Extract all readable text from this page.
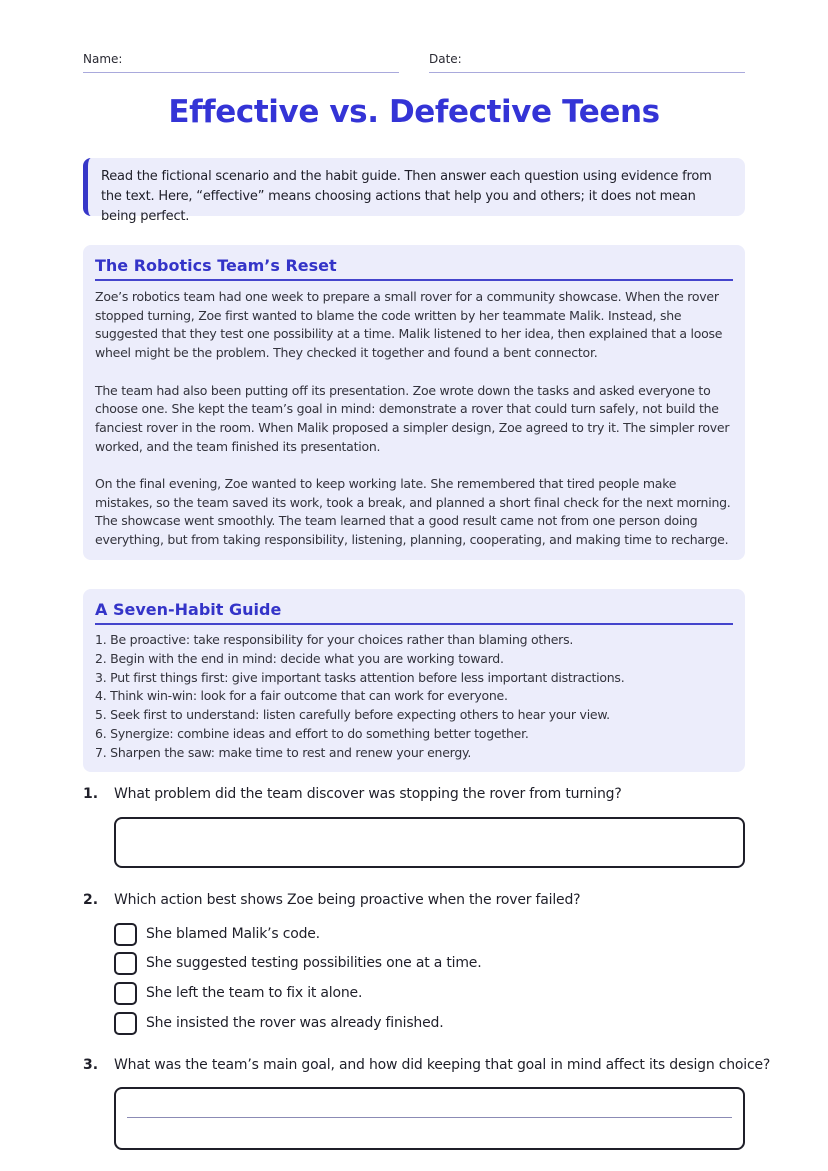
Name:	Date:
Effective vs. Defective Teens
Read the fictional scenario and the habit guide. Then answer each question using evidence from the text. Here, “effective” means choosing actions that help you and others; it does not mean being perfect.
The Robotics Team’s Reset

Zoe’s robotics team had one week to prepare a small rover for a community showcase. When the rover stopped turning, Zoe first wanted to blame the code written by her teammate Malik. Instead, she suggested that they test one possibility at a time. Malik listened to her idea, then explained that a loose wheel might be the problem. They checked it together and found a bent connector.

The team had also been putting off its presentation. Zoe wrote down the tasks and asked everyone to choose one. She kept the team’s goal in mind: demonstrate a rover that could turn safely, not build the fanciest rover in the room. When Malik proposed a simpler design, Zoe agreed to try it. The simpler rover worked, and the team finished its presentation.

On the final evening, Zoe wanted to keep working late. She remembered that tired people make mistakes, so the team saved its work, took a break, and planned a short final check for the next morning. The showcase went smoothly. The team learned that a good result came not from one person doing everything, but from taking responsibility, listening, planning, cooperating, and making time to recharge.

A Seven-Habit Guide
1. Be proactive: take responsibility for your choices rather than blaming others.
2. Begin with the end in mind: decide what you are working toward.
3. Put first things first: give important tasks attention before less important distractions.
4. Think win-win: look for a fair outcome that can work for everyone.
5. Seek first to understand: listen carefully before expecting others to hear your view.
6. Synergize: combine ideas and effort to do something better together.
7. Sharpen the saw: make time to rest and renew your energy.
1. What problem did the team discover was stopping the rover from turning?
2. Which action best shows Zoe being proactive when the rover failed?
She blamed Malik’s code.
She suggested testing possibilities one at a time.
She left the team to fix it alone.
She insisted the rover was already finished.
3. What was the team’s main goal, and how did keeping that goal in mind affect its design choice?
